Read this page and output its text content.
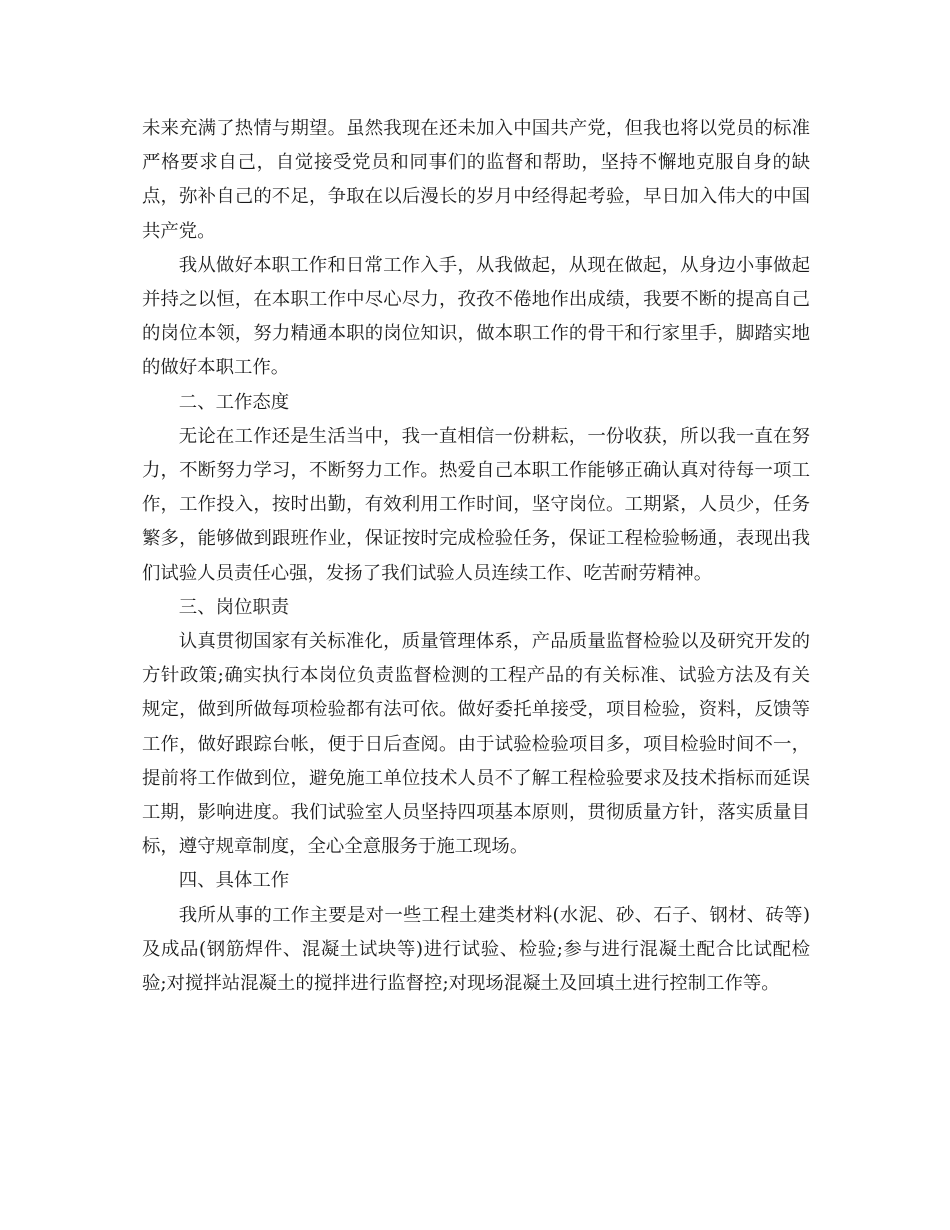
未来充满了热情与期望。虽然我现在还未加入中国共产党，但我也将以党员的标准严格要求自己，自觉接受党员和同事们的监督和帮助，坚持不懈地克服自身的缺点，弥补自己的不足，争取在以后漫长的岁月中经得起考验，早日加入伟大的中国共产党。

我从做好本职工作和日常工作入手，从我做起，从现在做起，从身边小事做起并持之以恒，在本职工作中尽心尽力，孜孜不倦地作出成绩，我要不断的提高自己的岗位本领，努力精通本职的岗位知识，做本职工作的骨干和行家里手，脚踏实地的做好本职工作。

二、工作态度

无论在工作还是生活当中，我一直相信一份耕耘，一份收获，所以我一直在努力，不断努力学习，不断努力工作。热爱自己本职工作能够正确认真对待每一项工作，工作投入，按时出勤，有效利用工作时间，坚守岗位。工期紧，人员少，任务繁多，能够做到跟班作业，保证按时完成检验任务，保证工程检验畅通，表现出我们试验人员责任心强，发扬了我们试验人员连续工作、吃苦耐劳精神。

三、岗位职责

认真贯彻国家有关标准化，质量管理体系，产品质量监督检验以及研究开发的方针政策;确实执行本岗位负责监督检测的工程产品的有关标准、试验方法及有关规定，做到所做每项检验都有法可依。做好委托单接受，项目检验，资料，反馈等工作，做好跟踪台帐，便于日后查阅。由于试验检验项目多，项目检验时间不一，提前将工作做到位，避免施工单位技术人员不了解工程检验要求及技术指标而延误工期，影响进度。我们试验室人员坚持四项基本原则，贯彻质量方针，落实质量目标，遵守规章制度，全心全意服务于施工现场。

四、具体工作

我所从事的工作主要是对一些工程土建类材料(水泥、砂、石子、钢材、砖等)及成品(钢筋焊件、混凝土试块等)进行试验、检验;参与进行混凝土配合比试配检验;对搅拌站混凝土的搅拌进行监督控;对现场混凝土及回填土进行控制工作等。
